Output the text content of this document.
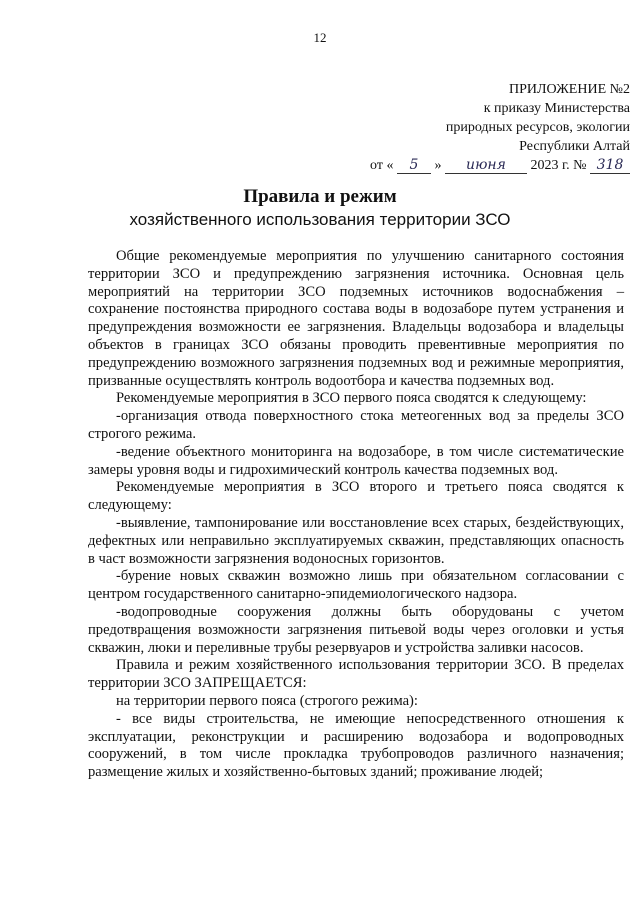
12
ПРИЛОЖЕНИЕ №2
к приказу Министерства
природных ресурсов, экологии
Республики Алтай
от « 5 » июня 2023 г. № 318
Правила и режим
хозяйственного использования территории ЗСО

Общие рекомендуемые мероприятия по улучшению санитарного состояния территории ЗСО и предупреждению загрязнения источника. Основная цель мероприятий на территории ЗСО подземных источников водоснабжения – сохранение постоянства природного состава воды в водозаборе путем устранения и предупреждения возможности ее загрязнения. Владельцы водозабора и владельцы объектов в границах ЗСО обязаны проводить превентивные мероприятия по предупреждению возможного загрязнения подземных вод и режимные мероприятия, призванные осуществлять контроль водоотбора и качества подземных вод.

Рекомендуемые мероприятия в ЗСО первого пояса сводятся к следующему:

-организация отвода поверхностного стока метеогенных вод за пределы ЗСО строгого режима.

-ведение объектного мониторинга на водозаборе, в том числе систематические замеры уровня воды и гидрохимический контроль качества подземных вод.

Рекомендуемые мероприятия в ЗСО второго и третьего пояса сводятся к следующему:

-выявление, тампонирование или восстановление всех старых, бездействующих, дефектных или неправильно эксплуатируемых скважин, представляющих опасность в част возможности загрязнения водоносных горизонтов.

-бурение новых скважин возможно лишь при обязательном согласовании с центром государственного санитарно-эпидемиологического надзора.

-водопроводные сооружения должны быть оборудованы с учетом предотвращения возможности загрязнения питьевой воды через оголовки и устья скважин, люки и переливные трубы резервуаров и устройства заливки насосов.

Правила и режим хозяйственного использования территории ЗСО. В пределах территории ЗСО ЗАПРЕЩАЕТСЯ:

на территории первого пояса (строгого режима):

- все виды строительства, не имеющие непосредственного отношения к эксплуатации, реконструкции и расширению водозабора и водопроводных сооружений, в том числе прокладка трубопроводов различного назначения; размещение жилых и хозяйственно-бытовых зданий; проживание людей;
